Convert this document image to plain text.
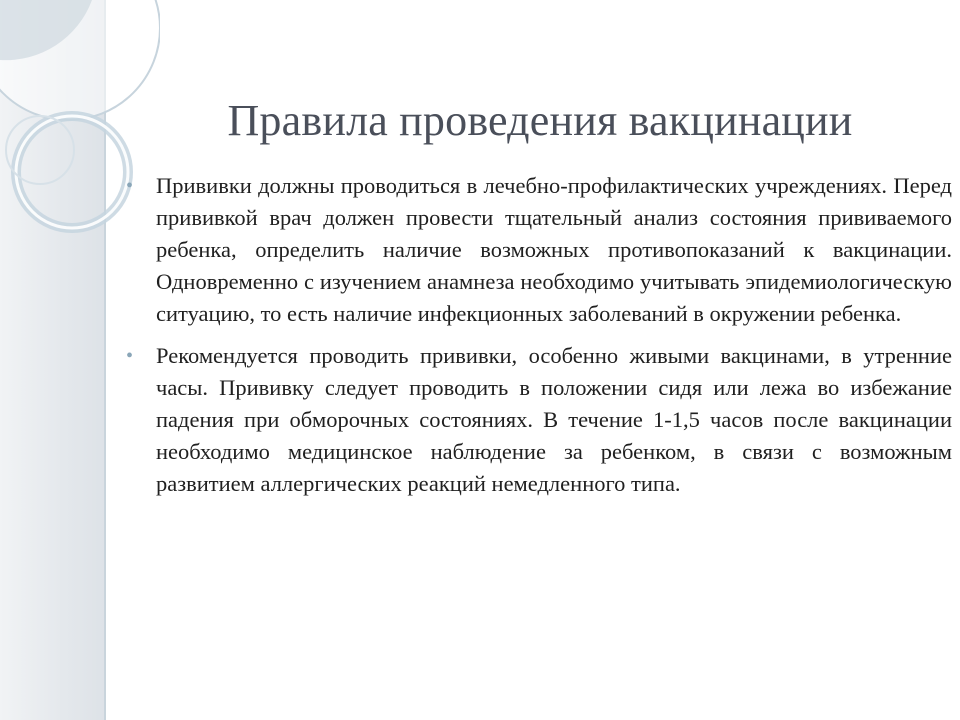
Правила проведения вакцинации
• Прививки должны проводиться в лечебно-профилактических учреждениях. Перед прививкой врач должен провести тщательный анализ состояния прививаемого ребенка, определить наличие возможных противопоказаний к вакцинации. Одновременно с изучением анамнеза необходимо учитывать эпидемиологическую ситуацию, то есть наличие инфекционных заболеваний в окружении ребенка.
• Рекомендуется проводить прививки, особенно живыми вакцинами, в утренние часы. Прививку следует проводить в положении сидя или лежа во избежание падения при обморочных состояниях. В течение 1-1,5 часов после вакцинации необходимо медицинское наблюдение за ребенком, в связи с возможным развитием аллергических реакций немедленного типа.
